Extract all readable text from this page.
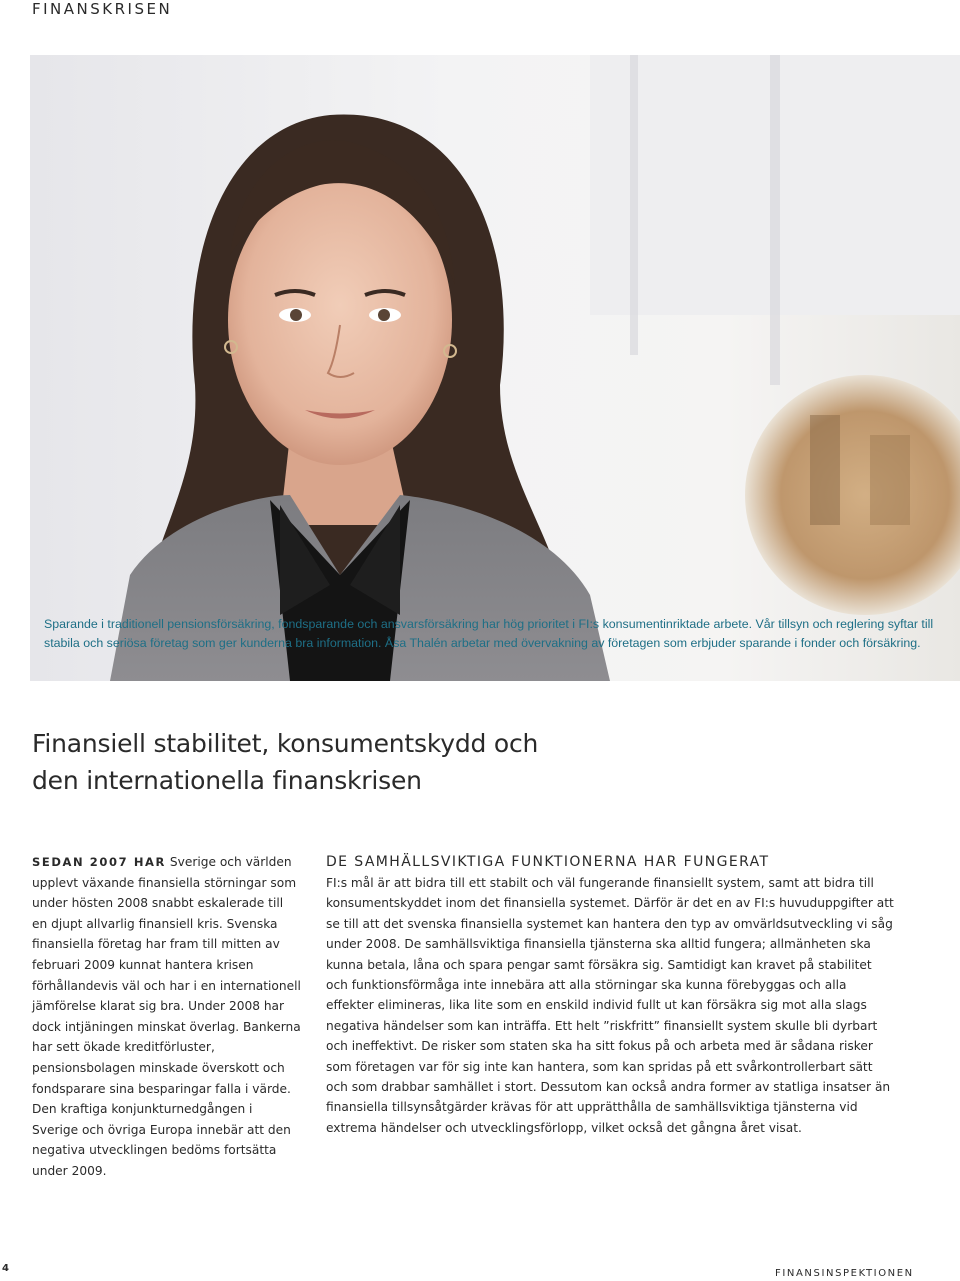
FINANSKRISEN
Sparande i traditionell pensionsförsäkring, fondsparande och ansvarsförsäkring har hög prioritet i FI:s konsumentinriktade arbete. Vår tillsyn och reglering syftar till stabila och seriösa företag som ger kunderna bra information. Åsa Thalén arbetar med övervakning av företagen som erbjuder sparande i fonder och försäkring.
Finansiell stabilitet, konsumentskydd och
den internationella finanskrisen

SEDAN 2007 HAR Sverige och världen upplevt växande finansiella störningar som under hösten 2008 snabbt eskalerade till en djupt allvarlig finansiell kris. Svenska finansiella företag har fram till mitten av februari 2009 kunnat hantera krisen förhållandevis väl och har i en internationell jämförelse klarat sig bra. Under 2008 har dock intjäningen minskat överlag. Bankerna har sett ökade kreditförluster, pensionsbolagen minskade överskott och fondsparare sina besparingar falla i värde. Den kraftiga konjunkturnedgången i Sverige och övriga Europa innebär att den negativa utvecklingen bedöms fortsätta under 2009.

DE SAMHÄLLSVIKTIGA FUNKTIONERNA HAR FUNGERAT

FI:s mål är att bidra till ett stabilt och väl fungerande finansiellt system, samt att bidra till konsumentskyddet inom det finansiella systemet. Därför är det en av FI:s huvuduppgifter att se till att det svenska finansiella systemet kan hantera den typ av omvärldsutveckling vi såg under 2008. De samhällsviktiga finansiella tjänsterna ska alltid fungera; allmänheten ska kunna betala, låna och spara pengar samt försäkra sig. Samtidigt kan kravet på stabilitet och funktionsförmåga inte innebära att alla störningar ska kunna förebyggas och alla effekter elimineras, lika lite som en enskild individ fullt ut kan försäkra sig mot alla slags negativa händelser som kan inträffa. Ett helt ”riskfritt” finansiellt system skulle bli dyrbart och ineffektivt. De risker som staten ska ha sitt fokus på och arbeta med är sådana risker som företagen var för sig inte kan hantera, som kan spridas på ett svårkontrollerbart sätt och som drabbar samhället i stort. Dessutom kan också andra former av statliga insatser än finansiella tillsynsåtgärder krävas för att upprätthålla de samhällsviktiga tjänsterna vid extrema händelser och utvecklingsförlopp, vilket också det gångna året visat.

4	FINANSINSPEKTIONEN
